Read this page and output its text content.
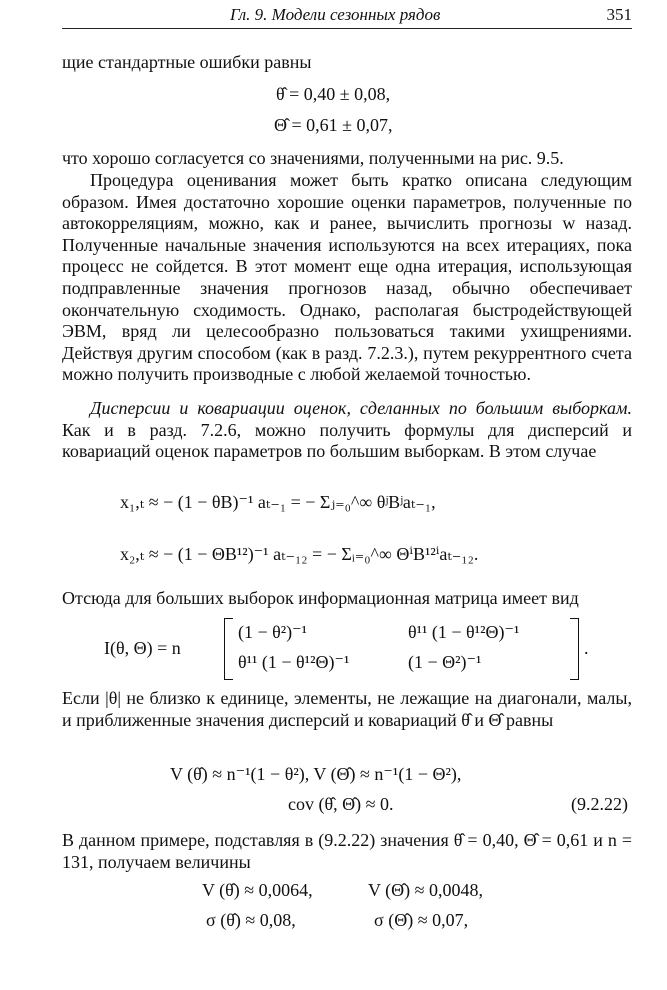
Гл. 9. Модели сезонных рядов	351

щие стандартные ошибки равны

θ̂ = 0,40 ± 0,08,
Θ̂ = 0,61 ± 0,07,

что хорошо согласуется со значениями, полученными на рис. 9.5.

Процедура оценивания может быть кратко описана следующим образом. Имея достаточно хорошие оценки параметров, полученные по автокорреляциям, можно, как и ранее, вычислить прогнозы w назад. Полученные начальные значения используются на всех итерациях, пока процесс не сойдется. В этот момент еще одна итерация, использующая подправленные значения прогнозов назад, обычно обеспечивает окончательную сходимость. Однако, располагая быстродействующей ЭВМ, вряд ли целесообразно пользоваться такими ухищрениями. Действуя другим способом (как в разд. 7.2.3.), путем рекуррентного счета можно получить производные с любой желаемой точностью.

Дисперсии и ковариации оценок, сделанных по большим выборкам. Как и в разд. 7.2.6, можно получить формулы для дисперсий и ковариаций оценок параметров по большим выборкам. В этом случае

x₁,ₜ ≈ − (1 − θB)⁻¹ aₜ₋₁ = − Σⱼ₌₀^∞ θʲBʲaₜ₋₁,
x₂,ₜ ≈ − (1 − ΘB¹²)⁻¹ aₜ₋₁₂ = − Σᵢ₌₀^∞ ΘⁱB¹²ⁱaₜ₋₁₂.

Отсюда для больших выборок информационная матрица имеет вид

I(θ, Θ) = n
(1 − θ²)⁻¹	θ¹¹ (1 − θ¹²Θ)⁻¹
θ¹¹ (1 − θ¹²Θ)⁻¹	(1 − Θ²)⁻¹
.

Если |θ| не близко к единице, элементы, не лежащие на диагонали, малы, и приближенные значения дисперсий и ковариаций θ̂ и Θ̂ равны

V (θ̂) ≈ n⁻¹(1 − θ²), V (Θ̂) ≈ n⁻¹(1 − Θ²),
cov (θ̂, Θ̂) ≈ 0.	(9.2.22)

В данном примере, подставляя в (9.2.22) значения θ̂ = 0,40, Θ̂ = 0,61 и n = 131, получаем величины

V (θ̂) ≈ 0,0064,	V (Θ̂) ≈ 0,0048,
σ (θ̂) ≈ 0,08,	σ (Θ̂) ≈ 0,07,
